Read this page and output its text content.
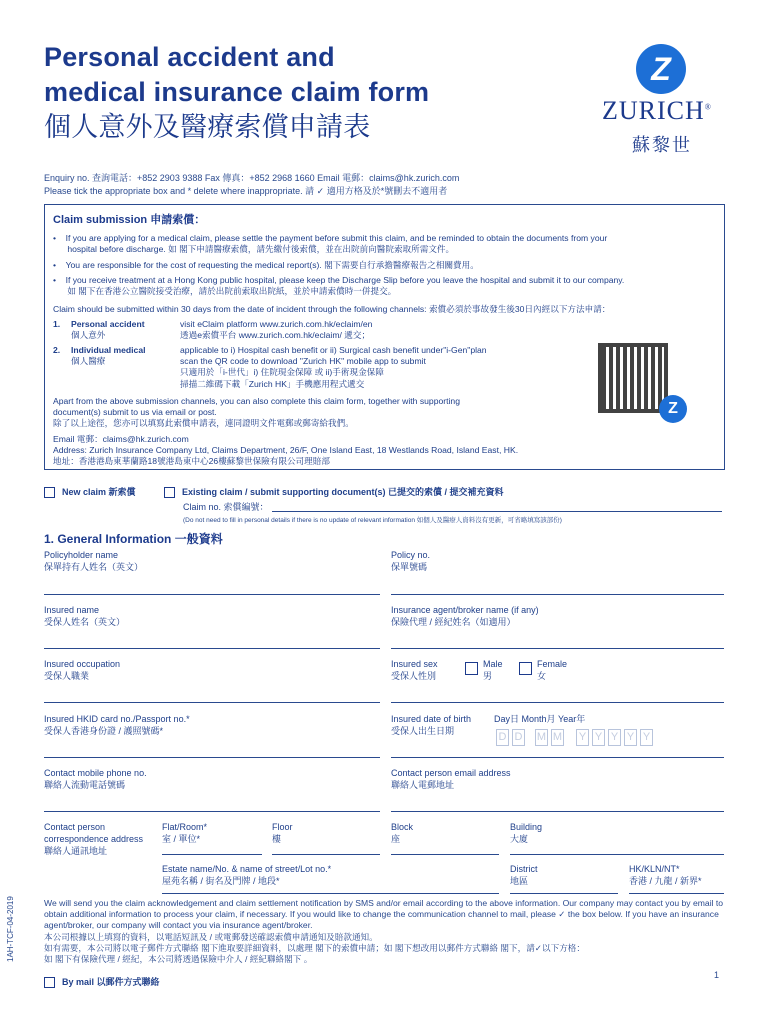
Personal accident and
medical insurance claim form
個人意外及醫療索償申請表
Z
ZURICH®
蘇黎世
Enquiry no. 查詢電話：+852 2903 9388 Fax 傳真：+852 2968 1660 Email 電郵：claims@hk.zurich.com
Please tick the appropriate box and * delete where inappropriate. 請 ✓ 適用方格及於*號刪去不適用者
Claim submission 申請索償：
•    If you are applying for a medical claim, please settle the payment before submit this claim, and be reminded to obtain the documents from your
hospital before discharge. 如 閣下申請醫療索償，請先繳付後索償，並在出院前向醫院索取所需文件。
•    You are responsible for the cost of requesting the medical report(s). 閣下需要自行承擔醫療報告之相關費用。
•    If you receive treatment at a Hong Kong public hospital, please keep the Discharge Slip before you leave the hospital and submit it to our company.
如 閣下在香港公立醫院接受治療，請於出院前索取出院紙，並於申請索償時一併提交。
Claim should be submitted within 30 days from the date of incident through the following channels: 索償必須於事故發生後30日內經以下方法申請：
1. Personal accident
個人意外
visit eClaim platform www.zurich.com.hk/eclaim/en
透過e索償平台 www.zurich.com.hk/eclaim/ 遞交；
2. Individual medical
個人醫療
applicable to i) Hospital cash benefit or ii) Surgical cash benefit under"i-Gen"plan
scan the QR code to download "Zurich HK" mobile app to submit
只適用於「i-世代」i) 住院現金保障 或 ii)手術現金保障
掃描二維碼下載「Zurich HK」手機應用程式遞交
Z
Apart from the above submission channels, you can also complete this claim form, together with supporting
document(s) submit to us via email or post.
除了以上途徑，您亦可以填寫此索償申請表，連同證明文件電郵或郵寄給我們。
Email 電郵：claims@hk.zurich.com
Address: Zurich Insurance Company Ltd, Claims Department, 26/F, One Island East, 18 Westlands Road, Island East, HK.
地址：香港港島東華蘭路18號港島東中心26樓蘇黎世保險有限公司理賠部
New claim 新索償	Existing claim / submit supporting document(s) 已提交的索償 / 提交補充資料
Claim no. 索償編號：
(Do not need to fill in personal details if there is no update of relevant information 如個人及醫療人資料沒有更新，可省略填寫該部份)
1. General Information 一般資料
Policyholder name
保單持有人姓名（英文）
Policy no.
保單號碼
Insured name
受保人姓名（英文）
Insurance agent/broker name (if any)
保險代理 / 經紀姓名（如適用）
Insured occupation
受保人職業
Insured sex
受保人性別
Male
男
Female
女
Insured HKID card no./Passport no.*
受保人香港身份證 / 護照號碼*
Insured date of birth
受保人出生日期
Day日 Month月 Year年
D D M M Y Y Y Y Y
Contact mobile phone no.
聯絡人流動電話號碼
Contact person email address
聯絡人電郵地址
Contact person
correspondence address
聯絡人通訊地址
Flat/Room*
室 / 單位*
Floor
樓
Block
座
Building
大廈
Estate name/No. & name of street/Lot no.*
屋苑名稱 / 街名及門牌 / 地段*
District
地區
HK/KLN/NT*
香港 / 九龍 / 新界*
We will send you the claim acknowledgement and claim settlement notification by SMS and/or email according to the above information. Our company may contact you by email to obtain additional information to process your claim, if necessary. If you would like to change the communication channel to mail, please ✓ the box below. If you have an insurance agent/broker, our company will contact you via insurance agent/broker.
本公司根據以上填寫的資料，以電話短訊及 / 或電郵發送確認索償申請通知及賠款通知。
如有需要，本公司將以電子郵件方式聯絡 閣下進取要詳細資料，以處理 閣下的索償申請；如 閣下想改用以郵件方式聯絡 閣下，請✓以下方格：
如 閣下有保險代理 / 經紀，本公司將透過保險中介人 / 經紀聯絡閣下 。
By mail 以郵件方式聯絡
1
1AH-TCF-04-2019
